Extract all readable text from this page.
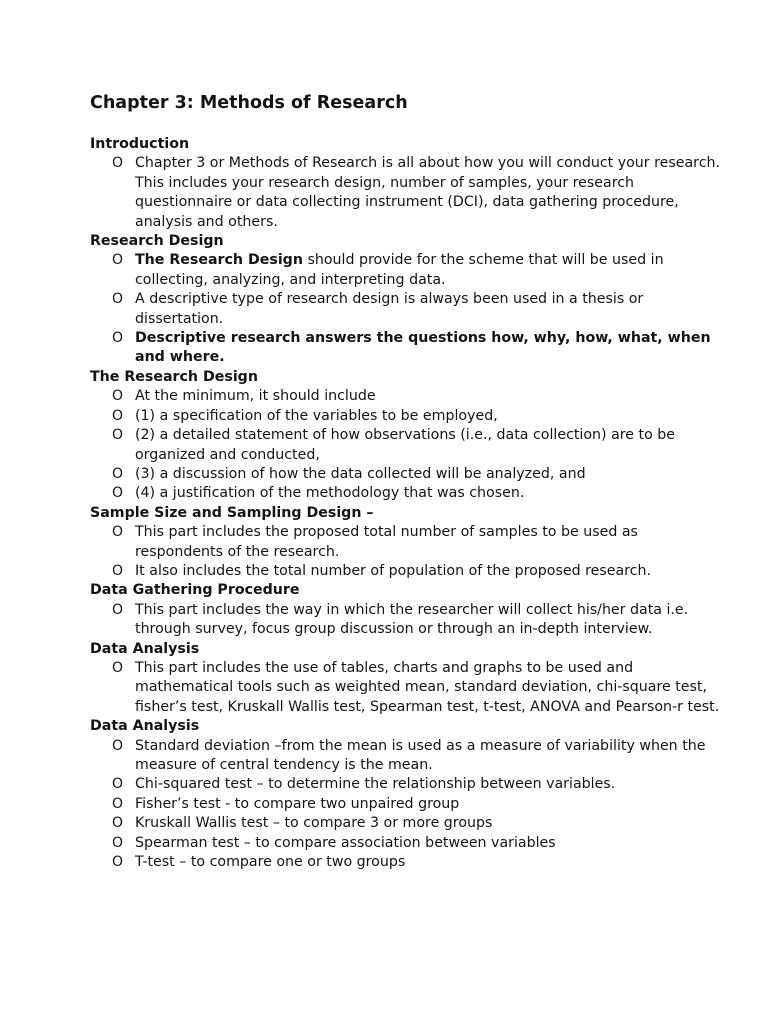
Chapter 3: Methods of Research
Introduction
O Chapter 3 or Methods of Research is all about how you will conduct your research. This includes your research design, number of samples, your research questionnaire or data collecting instrument (DCI), data gathering procedure, analysis and others.
Research Design
O The Research Design should provide for the scheme that will be used in collecting, analyzing, and interpreting data.
O A descriptive type of research design is always been used in a thesis or dissertation.
O Descriptive research answers the questions how, why, how, what, when and where.
The Research Design
O At the minimum, it should include
O (1) a specification of the variables to be employed,
O (2) a detailed statement of how observations (i.e., data collection) are to be organized and conducted,
O (3) a discussion of how the data collected will be analyzed, and
O (4) a justification of the methodology that was chosen.
Sample Size and Sampling Design –
O This part includes the proposed total number of samples to be used as respondents of the research.
O It also includes the total number of population of the proposed research.
Data Gathering Procedure
O This part includes the way in which the researcher will collect his/her data i.e. through survey, focus group discussion or through an in-depth interview.
Data Analysis
O This part includes the use of tables, charts and graphs to be used and mathematical tools such as weighted mean, standard deviation, chi-square test, fisher’s test, Kruskall Wallis test, Spearman test, t-test, ANOVA and Pearson-r test.
Data Analysis
O Standard deviation –from the mean is used as a measure of variability when the measure of central tendency is the mean.
O Chi-squared test – to determine the relationship between variables.
O Fisher’s test - to compare two unpaired group
O Kruskall Wallis test – to compare 3 or more groups
O Spearman test – to compare association between variables
O T-test – to compare one or two groups
